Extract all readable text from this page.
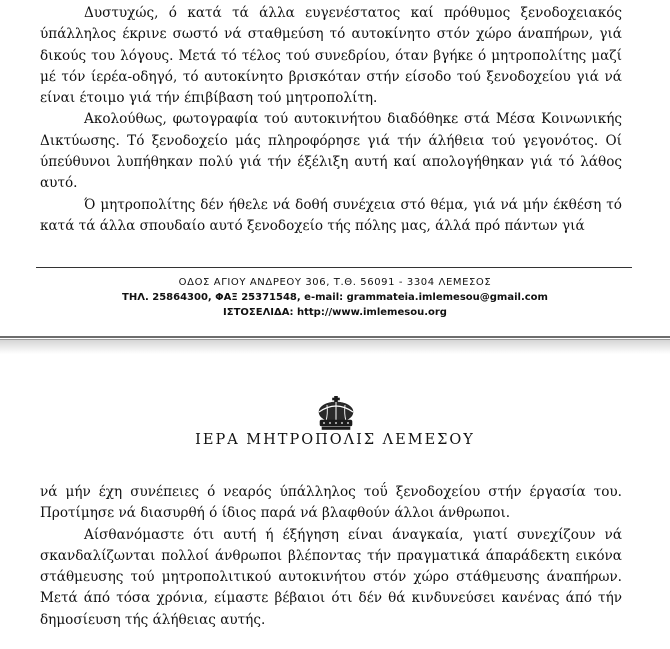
Δυστυχώς, ό κατά τά άλλα ευγενέστατος καί πρόθυμος ξενοδοχειακός ύπάλληλος έκρινε σωστό νά σταθμεύση τό αυτοκίνητο στόν χώρο άναπήρων, γιά δικούς του λόγους. Μετά τό τέλος τού συνεδρίου, όταν βγήκε ό μητροπολίτης μαζί μέ τόν ίερέα-οδηγό, τό αυτοκίνητο βρισκόταν στήν είσοδο τού ξενοδοχείου γιά νά είναι έτοιμο γιά τήν έπιβίβαση τού μητροπολίτη.

Ακολούθως, φωτογραφία τού αυτοκινήτου διαδόθηκε στά Μέσα Κοινωνικής Δικτύωσης. Τό ξενοδοχείο μάς πληροφόρησε γιά τήν άλήθεια τού γεγονότος. Οί ύπεύθυνοι λυπήθηκαν πολύ γιά τήν έξέλιξη αυτή καί απολογήθηκαν γιά τό λάθος αυτό.

Ό μητροπολίτης δέν ήθελε νά δοθή συνέχεια στό θέμα, γιά νά μήν έκθέση τό κατά τά άλλα σπουδαίο αυτό ξενοδοχείο τής πόλης μας, άλλά πρό πάντων γιά

ΟΔΟΣ ΑΓΙΟΥ ΑΝΔΡΕΟΥ 306, Τ.Θ. 56091 - 3304 ΛΕΜΕΣΟΣ
ΤΗΛ. 25864300, ΦΑΞ 25371548, e-mail: grammateia.imlemesou@gmail.com
ΙΣΤΟΣΕΛΙΔΑ: http://www.imlemesou.org
ΙΕΡΑ ΜΗΤΡΟΠΟΛΙΣ ΛΕΜΕΣΟΥ

νά μήν έχη συνέπειες ό νεαρός ύπάλληλος τοΰ ξενοδοχείου στήν έργασία του. Προτίμησε νά διασυρθή ό ίδιος παρά νά βλαφθούν άλλοι άνθρωποι.

Αίσθανόμαστε ότι αυτή ή έξήγηση είναι άναγκαία, γιατί συνεχίζουν νά σκανδαλίζωνται πολλοί άνθρωποι βλέποντας τήν πραγματικά άπαράδεκτη εικόνα στάθμευσης τού μητροπολιτικού αυτοκινήτου στόν χώρο στάθμευσης άναπήρων. Μετά άπό τόσα χρόνια, είμαστε βέβαιοι ότι δέν θά κινδυνεύσει κανένας άπό τήν δημοσίευση τής άλήθειας αυτής.
